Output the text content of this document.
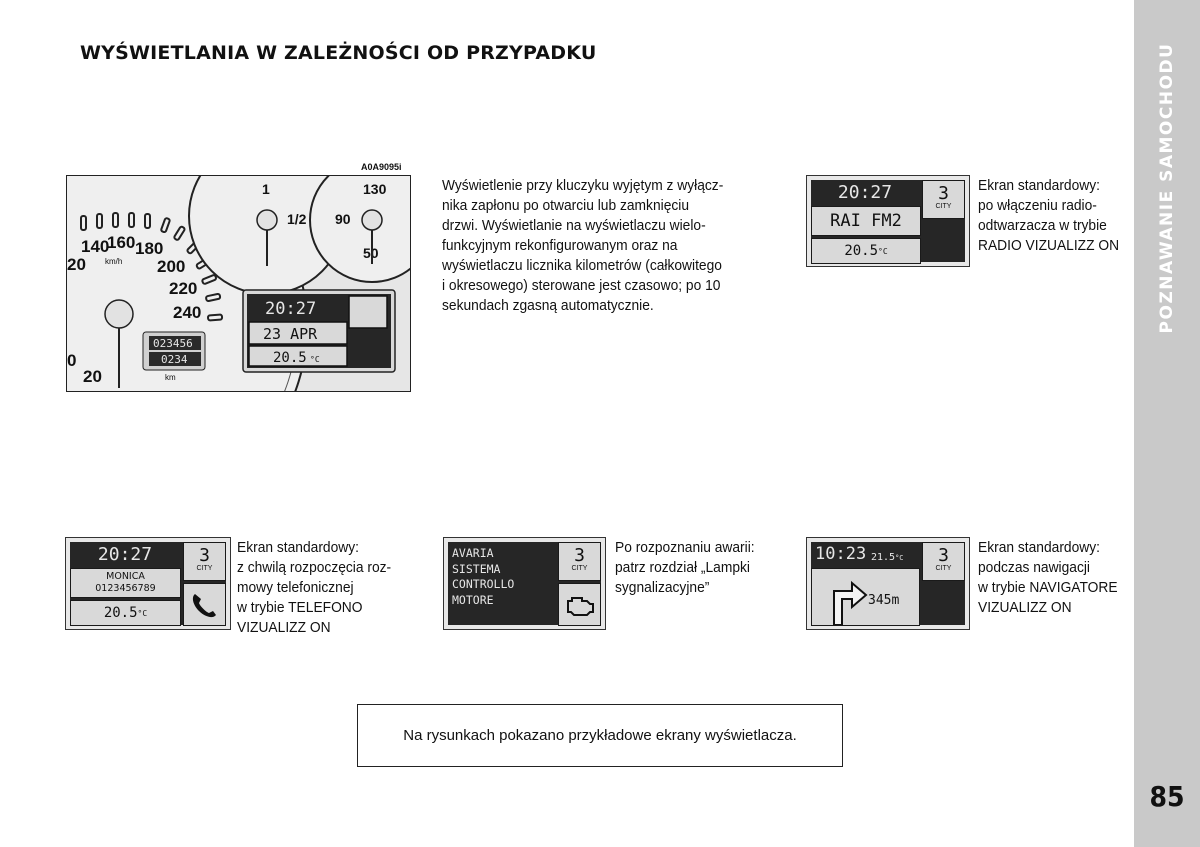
WYŚWIETLANIA W ZALEŻNOŚCI OD PRZYPADKU	POZNAWANIE SAMOCHODU
85
A0A9095i
140
160 180
200
220
240
20
0
20
km/h
023456
0234
km
1
1/2
130
90
50
20:27
23 APR
20.5 °C
Wyświetlenie przy kluczyku wyjętym z wyłącz-
nika zapłonu po otwarciu lub zamknięciu
drzwi. Wyświetlanie na wyświetlaczu wielo-
funkcyjnym rekonfigurowanym oraz na
wyświetlaczu licznika kilometrów (całkowitego
i okresowego) sterowane jest czasowo; po 10
sekundach zgasną automatycznie.
20:27
RAI FM2
20.5 °C
3
CITY
Ekran standardowy:
po włączeniu radio-
odtwarzacza w trybie
RADIO VIZUALIZZ ON
20:27
MONICA
0123456789
20.5 °C
3
CITY
Ekran standardowy:
z chwilą rozpoczęcia roz-
mowy telefonicznej
w trybie TELEFONO
VIZUALIZZ ON
AVARIA
SISTEMA
CONTROLLO
MOTORE
3
CITY
Po rozpoznaniu awarii:
patrz rozdział „Lampki
sygnalizacyjne”
10:23 21.5°C
345m
3
CITY
Ekran standardowy:
podczas nawigacji
w trybie NAVIGATORE
VIZUALIZZ ON
Na rysunkach pokazano przykładowe ekrany wyświetlacza.
